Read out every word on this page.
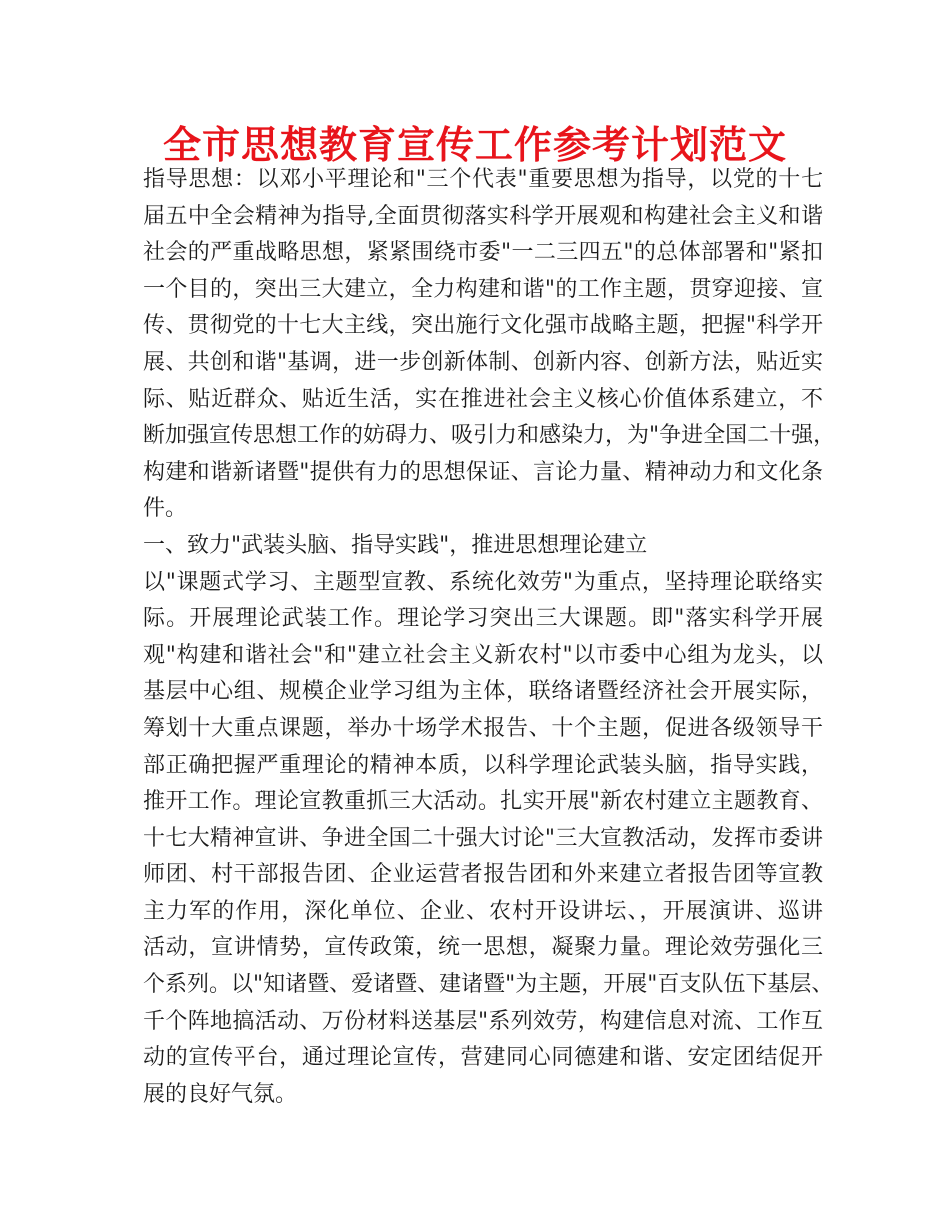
全市思想教育宣传工作参考计划范文
指导思想：以邓小平理论和"三个代表"重要思想为指导，以党的十七
届五中全会精神为指导,全面贯彻落实科学开展观和构建社会主义和谐
社会的严重战略思想，紧紧围绕市委"一二三四五"的总体部署和"紧扣
一个目的，突出三大建立，全力构建和谐"的工作主题，贯穿迎接、宣
传、贯彻党的十七大主线，突出施行文化强市战略主题，把握"科学开
展、共创和谐"基调，进一步创新体制、创新内容、创新方法，贴近实
际、贴近群众、贴近生活，实在推进社会主义核心价值体系建立，不
断加强宣传思想工作的妨碍力、吸引力和感染力，为"争进全国二十强，
构建和谐新诸暨"提供有力的思想保证、言论力量、精神动力和文化条
件。
一、致力"武装头脑、指导实践"，推进思想理论建立
以"课题式学习、主题型宣教、系统化效劳"为重点，坚持理论联络实
际。开展理论武装工作。理论学习突出三大课题。即"落实科学开展
观"构建和谐社会"和"建立社会主义新农村"以市委中心组为龙头，以
基层中心组、规模企业学习组为主体，联络诸暨经济社会开展实际，
筹划十大重点课题，举办十场学术报告、十个主题，促进各级领导干
部正确把握严重理论的精神本质，以科学理论武装头脑，指导实践，
推开工作。理论宣教重抓三大活动。扎实开展"新农村建立主题教育、
十七大精神宣讲、争进全国二十强大讨论"三大宣教活动，发挥市委讲
师团、村干部报告团、企业运营者报告团和外来建立者报告团等宣教
主力军的作用，深化单位、企业、农村开设讲坛、，开展演讲、巡讲
活动，宣讲情势，宣传政策，统一思想，凝聚力量。理论效劳强化三
个系列。以"知诸暨、爱诸暨、建诸暨"为主题，开展"百支队伍下基层、
千个阵地搞活动、万份材料送基层"系列效劳，构建信息对流、工作互
动的宣传平台，通过理论宣传，营建同心同德建和谐、安定团结促开
展的良好气氛。
